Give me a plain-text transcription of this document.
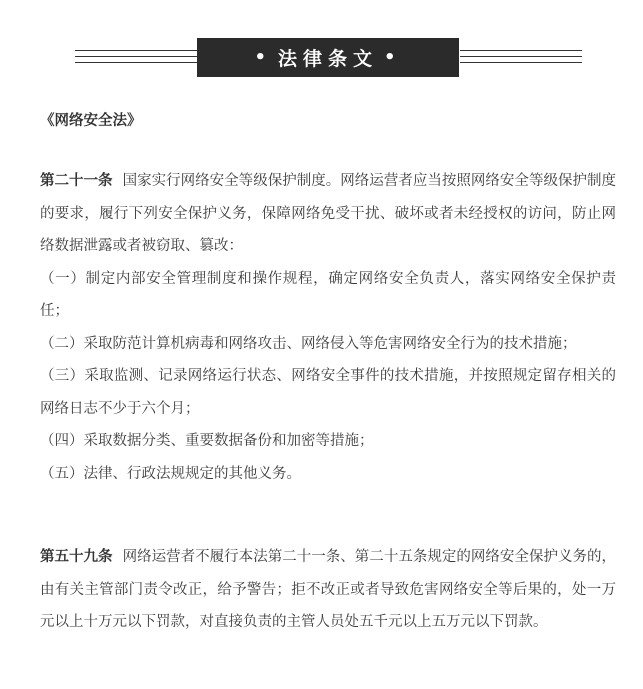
• 法律条文 •
《网络安全法》

第二十一条 国家实行网络安全等级保护制度。网络运营者应当按照网络安全等级保护制度的要求，履行下列安全保护义务，保障网络免受干扰、破坏或者未经授权的访问，防止网络数据泄露或者被窃取、篡改：

（一）制定内部安全管理制度和操作规程，确定网络安全负责人，落实网络安全保护责任；

（二）采取防范计算机病毒和网络攻击、网络侵入等危害网络安全行为的技术措施；

（三）采取监测、记录网络运行状态、网络安全事件的技术措施，并按照规定留存相关的网络日志不少于六个月；

（四）采取数据分类、重要数据备份和加密等措施；

（五）法律、行政法规规定的其他义务。

第五十九条 网络运营者不履行本法第二十一条、第二十五条规定的网络安全保护义务的，由有关主管部门责令改正，给予警告；拒不改正或者导致危害网络安全等后果的，处一万元以上十万元以下罚款，对直接负责的主管人员处五千元以上五万元以下罚款。
